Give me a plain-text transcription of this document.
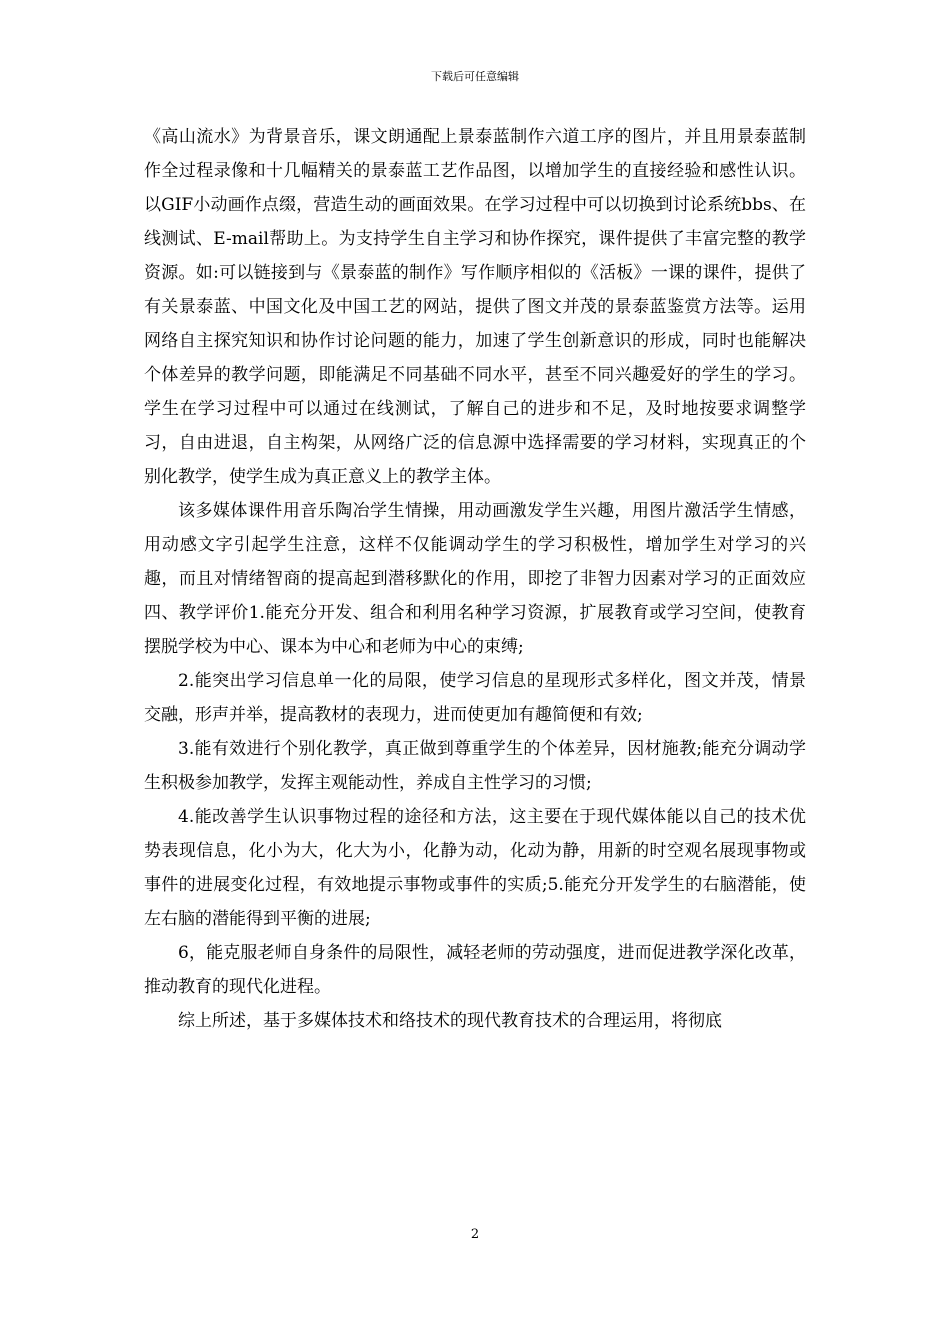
下载后可任意编辑

《高山流水》为背景音乐，课文朗通配上景泰蓝制作六道工序的图片，并且用景泰蓝制作全过程录像和十几幅精关的景泰蓝工艺作品图，以增加学生的直接经验和感性认识。以GIF小动画作点缀，营造生动的画面效果。在学习过程中可以切换到讨论系统bbs、在线测试、E-mail帮助上。为支持学生自主学习和协作探究，课件提供了丰富完整的教学资源。如:可以链接到与《景泰蓝的制作》写作顺序相似的《活板》一课的课件，提供了有关景泰蓝、中国文化及中国工艺的网站，提供了图文并茂的景泰蓝鉴赏方法等。运用网络自主探究知识和协作讨论问题的能力，加速了学生创新意识的形成，同时也能解决个体差异的教学问题，即能满足不同基础不同水平，甚至不同兴趣爱好的学生的学习。学生在学习过程中可以通过在线测试，了解自己的进步和不足，及时地按要求调整学习，自由进退，自主构架，从网络广泛的信息源中选择需要的学习材料，实现真正的个别化教学，使学生成为真正意义上的教学主体。

该多媒体课件用音乐陶冶学生情操，用动画激发学生兴趣，用图片激活学生情感，用动感文字引起学生注意，这样不仅能调动学生的学习积极性，增加学生对学习的兴趣，而且对情绪智商的提高起到潜移默化的作用，即挖了非智力因素对学习的正面效应四、教学评价1.能充分开发、组合和利用名种学习资源，扩展教育或学习空间，使教育摆脱学校为中心、课本为中心和老师为中心的束缚;

2.能突出学习信息单一化的局限，使学习信息的星现形式多样化，图文并茂，情景交融，形声并举，提高教材的表现力，进而使更加有趣简便和有效;

3.能有效进行个别化教学，真正做到尊重学生的个体差异，因材施教;能充分调动学生积极参加教学，发挥主观能动性，养成自主性学习的习惯;

4.能改善学生认识事物过程的途径和方法，这主要在于现代媒体能以自己的技术优势表现信息，化小为大，化大为小，化静为动，化动为静，用新的时空观名展现事物或事件的进展变化过程，有效地提示事物或事件的实质;5.能充分开发学生的右脑潜能，使左右脑的潜能得到平衡的进展;

6，能克服老师自身条件的局限性，减轻老师的劳动强度，进而促进教学深化改革，推动教育的现代化进程。

综上所述，基于多媒体技术和络技术的现代教育技术的合理运用，将彻底

2
